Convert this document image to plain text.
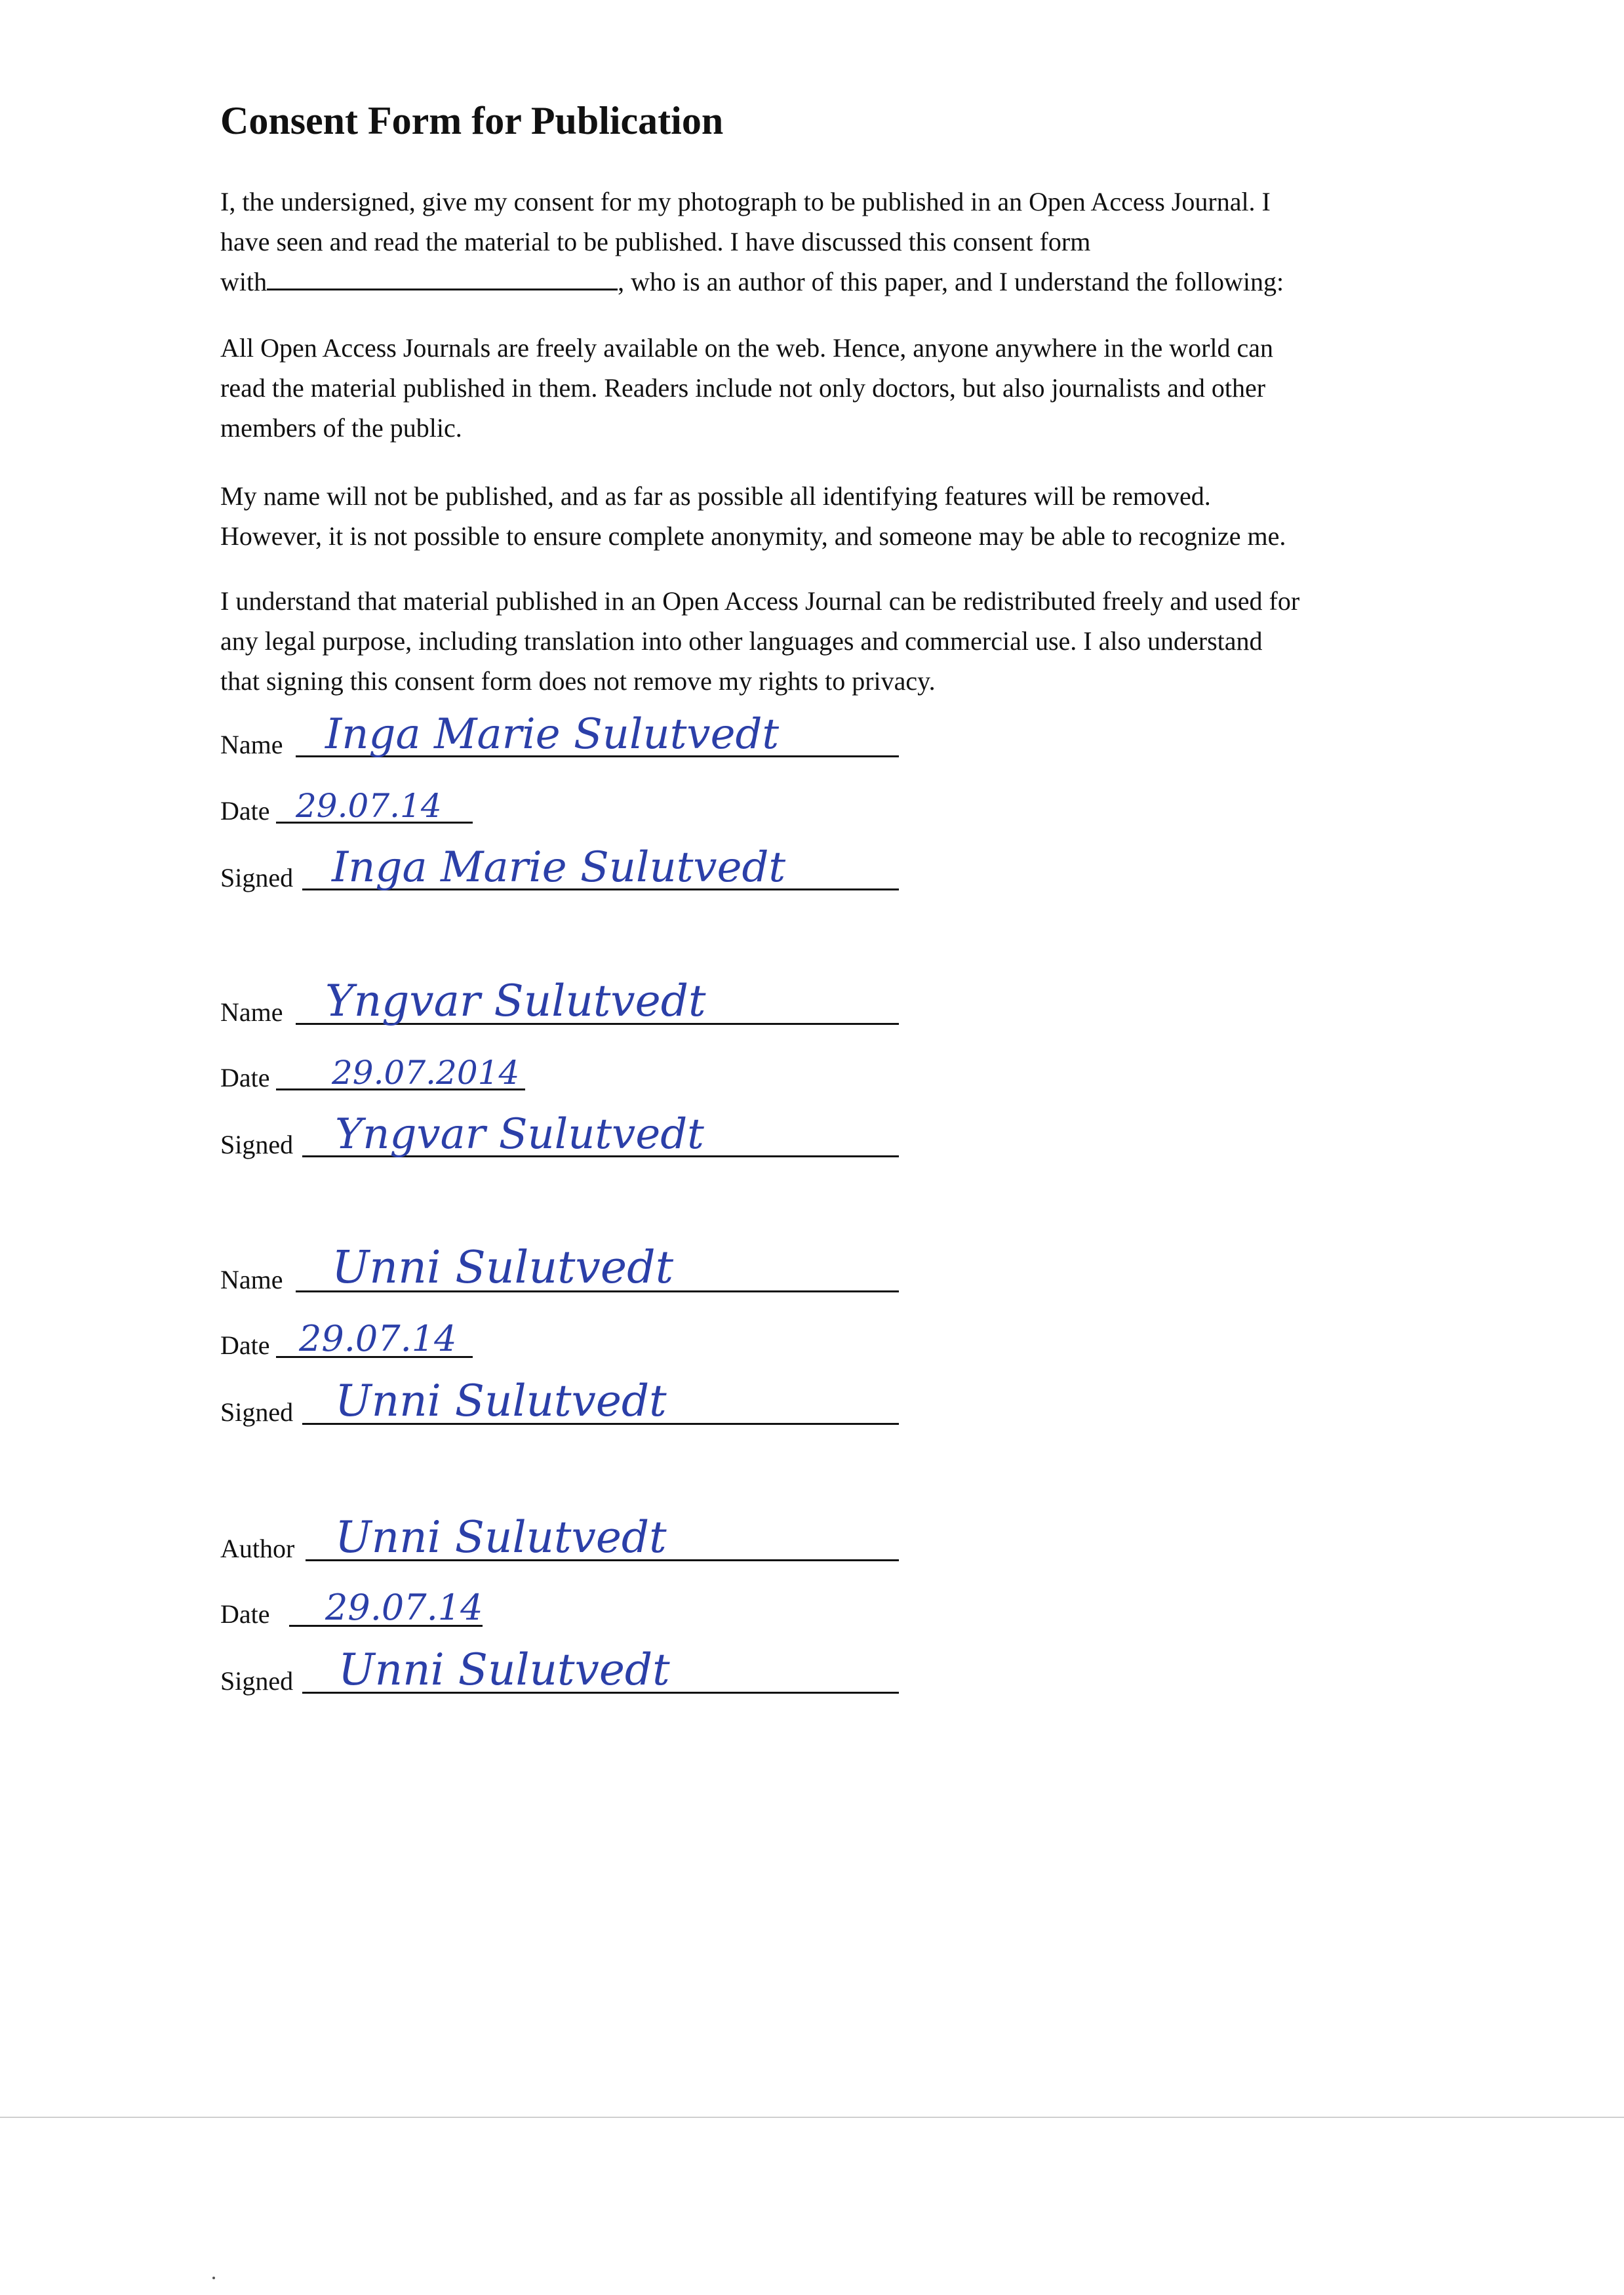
Consent Form for Publication
I, the undersigned, give my consent for my photograph to be published in an Open Access Journal. I
have seen and read the material to be published. I have discussed this consent form
with	, who is an author of this paper, and I understand the following:
All Open Access Journals are freely available on the web. Hence, anyone anywhere in the world can
read the material published in them. Readers include not only doctors, but also journalists and other
members of the public.
My name will not be published, and as far as possible all identifying features will be removed.
However, it is not possible to ensure complete anonymity, and someone may be able to recognize me.
I understand that material published in an Open Access Journal can be redistributed freely and used for
any legal purpose, including translation into other languages and commercial use. I also understand
that signing this consent form does not remove my rights to privacy.
Name Inga Marie Sulutvedt
Date 29.07.14
Signed Inga Marie Sulutvedt
Name Yngvar Sulutvedt
Date 29.07.2014
Signed Yngvar Sulutvedt
Name Unni Sulutvedt
Date 29.07.14
Signed Unni Sulutvedt
Author Unni Sulutvedt
Date 29.07.14
Signed Unni Sulutvedt
